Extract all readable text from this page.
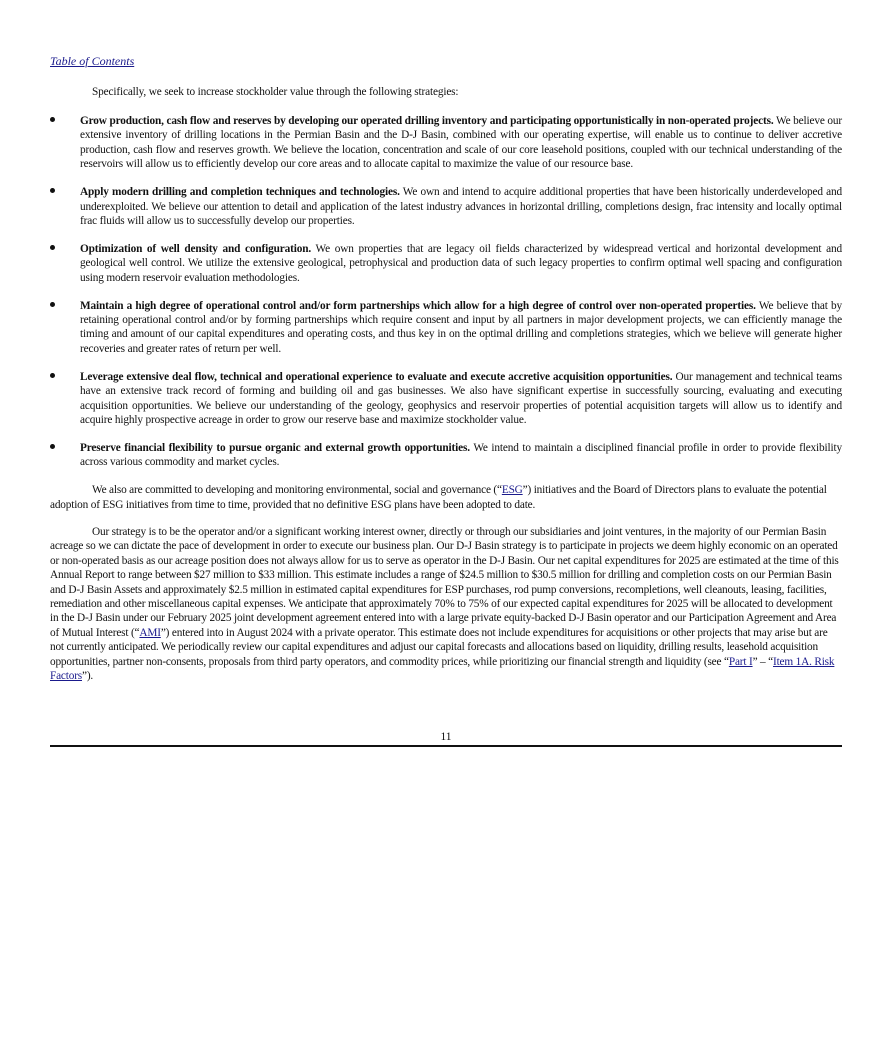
Table of Contents

Specifically, we seek to increase stockholder value through the following strategies:

Grow production, cash flow and reserves by developing our operated drilling inventory and participating opportunistically in non-operated projects. We believe our extensive inventory of drilling locations in the Permian Basin and the D-J Basin, combined with our operating expertise, will enable us to continue to deliver accretive production, cash flow and reserves growth. We believe the location, concentration and scale of our core leasehold positions, coupled with our technical understanding of the reservoirs will allow us to efficiently develop our core areas and to allocate capital to maximize the value of our resource base.
Apply modern drilling and completion techniques and technologies. We own and intend to acquire additional properties that have been historically underdeveloped and underexploited. We believe our attention to detail and application of the latest industry advances in horizontal drilling, completions design, frac intensity and locally optimal frac fluids will allow us to successfully develop our properties.
Optimization of well density and configuration. We own properties that are legacy oil fields characterized by widespread vertical and horizontal development and geological well control. We utilize the extensive geological, petrophysical and production data of such legacy properties to confirm optimal well spacing and configuration using modern reservoir evaluation methodologies.
Maintain a high degree of operational control and/or form partnerships which allow for a high degree of control over non-operated properties. We believe that by retaining operational control and/or by forming partnerships which require consent and input by all partners in major development projects, we can efficiently manage the timing and amount of our capital expenditures and operating costs, and thus key in on the optimal drilling and completions strategies, which we believe will generate higher recoveries and greater rates of return per well.
Leverage extensive deal flow, technical and operational experience to evaluate and execute accretive acquisition opportunities. Our management and technical teams have an extensive track record of forming and building oil and gas businesses. We also have significant expertise in successfully sourcing, evaluating and executing acquisition opportunities. We believe our understanding of the geology, geophysics and reservoir properties of potential acquisition targets will allow us to identify and acquire highly prospective acreage in order to grow our reserve base and maximize stockholder value.
Preserve financial flexibility to pursue organic and external growth opportunities. We intend to maintain a disciplined financial profile in order to provide flexibility across various commodity and market cycles.

We also are committed to developing and monitoring environmental, social and governance (“ESG”) initiatives and the Board of Directors plans to evaluate the potential adoption of ESG initiatives from time to time, provided that no definitive ESG plans have been adopted to date.

Our strategy is to be the operator and/or a significant working interest owner, directly or through our subsidiaries and joint ventures, in the majority of our Permian Basin acreage so we can dictate the pace of development in order to execute our business plan. Our D-J Basin strategy is to participate in projects we deem highly economic on an operated or non-operated basis as our acreage position does not always allow for us to serve as operator in the D-J Basin. Our net capital expenditures for 2025 are estimated at the time of this Annual Report to range between $27 million to $33 million. This estimate includes a range of $24.5 million to $30.5 million for drilling and completion costs on our Permian Basin and D-J Basin Assets and approximately $2.5 million in estimated capital expenditures for ESP purchases, rod pump conversions, recompletions, well cleanouts, leasing, facilities, remediation and other miscellaneous capital expenses. We anticipate that approximately 70% to 75% of our expected capital expenditures for 2025 will be allocated to development in the D-J Basin under our February 2025 joint development agreement entered into with a large private equity-backed D-J Basin operator and our Participation Agreement and Area of Mutual Interest (“AMI”) entered into in August 2024 with a private operator. This estimate does not include expenditures for acquisitions or other projects that may arise but are not currently anticipated. We periodically review our capital expenditures and adjust our capital forecasts and allocations based on liquidity, drilling results, leasehold acquisition opportunities, partner non-consents, proposals from third party operators, and commodity prices, while prioritizing our financial strength and liquidity (see “Part I” – “Item 1A. Risk Factors”).

11
